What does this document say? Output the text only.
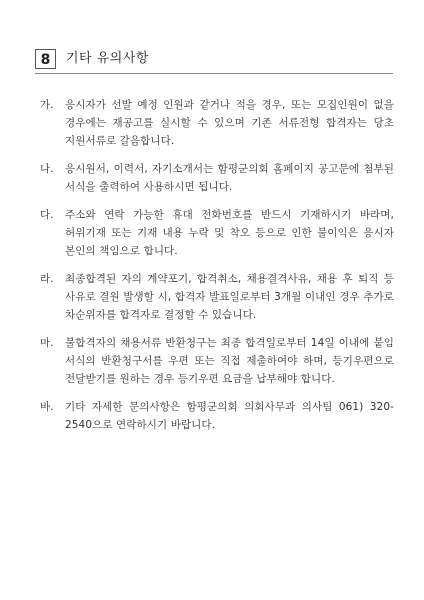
8	기타 유의사항
가.	응시자가 선발 예정 인원과 같거나 적을 경우, 또는 모집인원이 없을 경우에는 재공고를 실시할 수 있으며 기존 서류전형 합격자는 당초 지원서류로 갈음합니다.
나.	응시원서, 이력서, 자기소개서는 함평군의회 홈페이지 공고문에 첨부된 서식을 출력하여 사용하시면 됩니다.
다.	주소와 연락 가능한 휴대 전화번호를 반드시 기재하시기 바라며, 허위기재 또는 기재 내용 누락 및 착오 등으로 인한 불이익은 응시자 본인의 책임으로 합니다.
라.	최종합격된 자의 계약포기, 합격취소, 채용결격사유, 채용 후 퇴직 등 사유로 결원 발생할 시, 합격자 발표일로부터 3개월 이내인 경우 추가로 차순위자를 합격자로 결정할 수 있습니다.
마.	불합격자의 채용서류 반환청구는 최종 합격일로부터 14일 이내에 붙임 서식의 반환청구서를 우편 또는 직접 제출하여야 하며, 등기우편으로 전달받기를 원하는 경우 등기우편 요금을 납부해야 합니다.
바.	기타 자세한 문의사항은 함평군의회 의회사무과 의사팀 061) 320-2540으로 연락하시기 바랍니다.
